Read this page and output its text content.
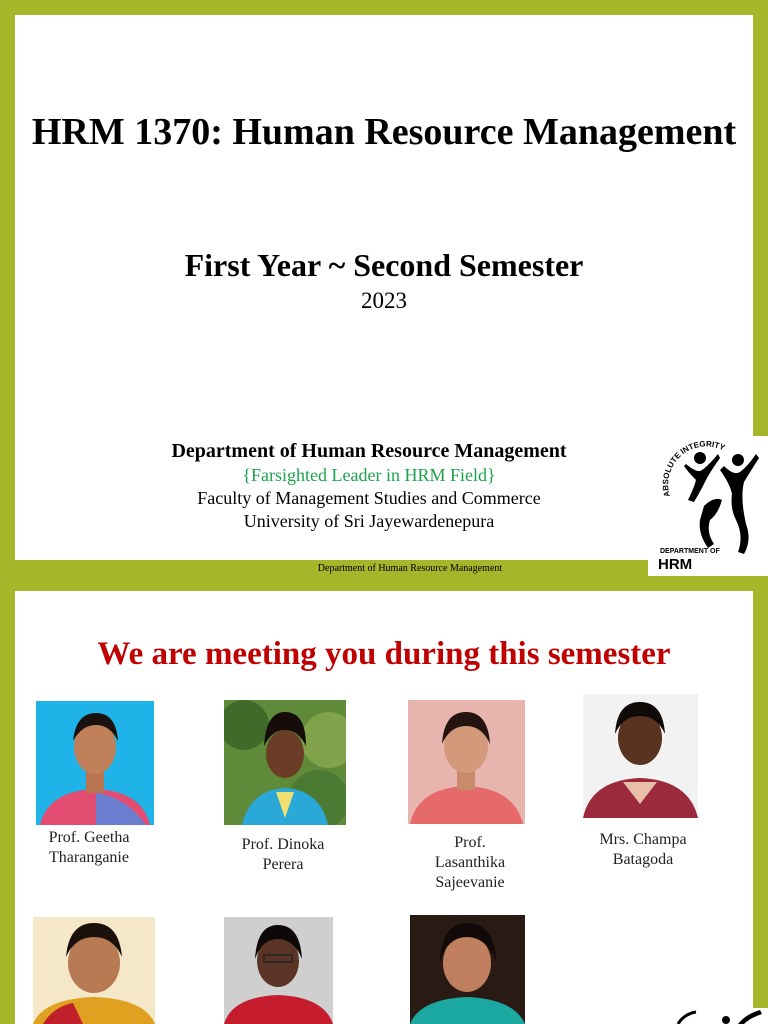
HRM 1370: Human Resource Management
First Year ~ Second Semester
2023
Department of Human Resource Management
{Farsighted Leader in HRM Field}
Faculty of Management Studies and Commerce
University of Sri Jayewardenepura
Department of Human Resource Management
ABSOLUTE INTEGRITY
DEPARTMENT OF
HRM
We are meeting you during this semester
Prof. Geetha
Tharanganie
Prof. Dinoka
Perera
Prof.
Lasanthika
Sajeevanie
Mrs. Champa
Batagoda
